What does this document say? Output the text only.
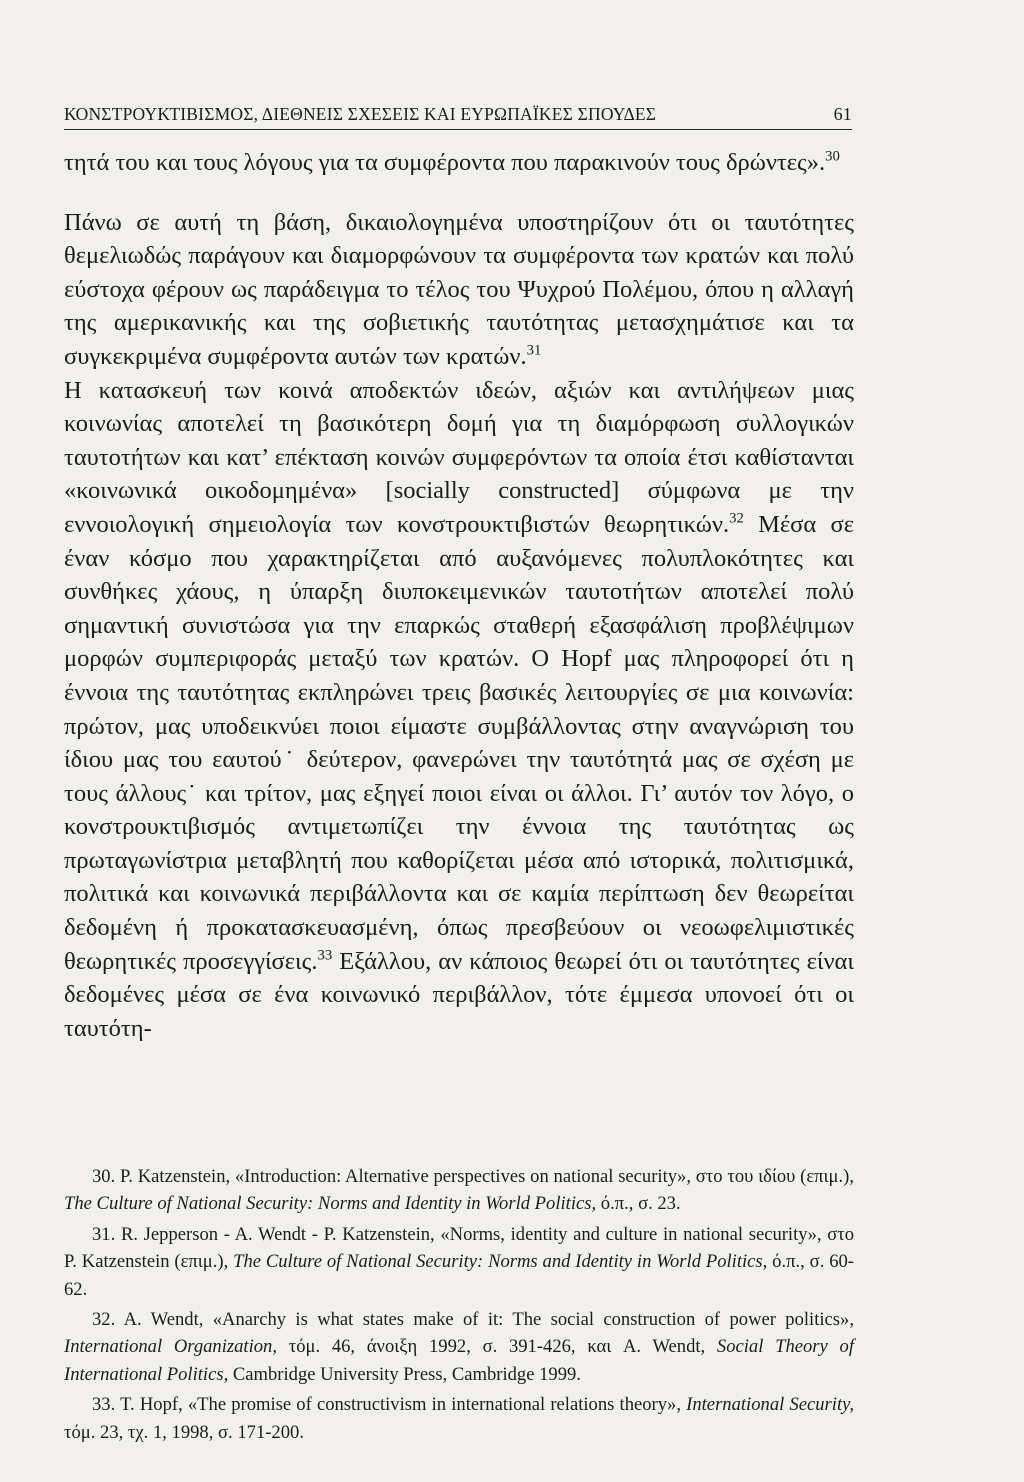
ΚΟΝΣΤΡΟΥΚΤΙΒΙΣΜΟΣ, ΔΙΕΘΝΕΙΣ ΣΧΕΣΕΙΣ ΚΑΙ ΕΥΡΩΠΑΪΚΕΣ ΣΠΟΥΔΕΣ	61

τητά του και τους λόγους για τα συμφέροντα που παρακινούν τους δρώντες».$^{30}$

Πάνω σε αυτή τη βάση, δικαιολογημένα υποστηρίζουν ότι οι ταυτότητες θεμελιωδώς παράγουν και διαμορφώνουν τα συμφέροντα των κρατών και πολύ εύστοχα φέρουν ως παράδειγμα το τέλος του Ψυχρού Πολέμου, όπου η αλλαγή της αμερικανικής και της σοβιετικής ταυτότητας μετασχημάτισε και τα συγκεκριμένα συμφέροντα αυτών των κρατών.$^{31}$

Η κατασκευή των κοινά αποδεκτών ιδεών, αξιών και αντιλήψεων μιας κοινωνίας αποτελεί τη βασικότερη δομή για τη διαμόρφωση συλλογικών ταυτοτήτων και κατ’ επέκταση κοινών συμφερόντων τα οποία έτσι καθίστανται «κοινωνικά οικοδομημένα» [socially constructed] σύμφωνα με την εννοιολογική σημειολογία των κονστρουκτιβιστών θεωρητικών.$^{32}$ Μέσα σε έναν κόσμο που χαρακτηρίζεται από αυξανόμενες πολυπλοκότητες και συνθήκες χάους, η ύπαρξη διυποκειμενικών ταυτοτήτων αποτελεί πολύ σημαντική συνιστώσα για την επαρκώς σταθερή εξασφάλιση προβλέψιμων μορφών συμπεριφοράς μεταξύ των κρατών. Ο Hopf μας πληροφορεί ότι η έννοια της ταυτότητας εκπληρώνει τρεις βασικές λειτουργίες σε μια κοινωνία: πρώτον, μας υποδεικνύει ποιοι είμαστε συμβάλλοντας στην αναγνώριση του ίδιου μας του εαυτού˙ δεύτερον, φανερώνει την ταυτότητά μας σε σχέση με τους άλλους˙ και τρίτον, μας εξηγεί ποιοι είναι οι άλλοι. Γι’ αυτόν τον λόγο, ο κονστρουκτιβισμός αντιμετωπίζει την έννοια της ταυτότητας ως πρωταγωνίστρια μεταβλητή που καθορίζεται μέσα από ιστορικά, πολιτισμικά, πολιτικά και κοινωνικά περιβάλλοντα και σε καμία περίπτωση δεν θεωρείται δεδομένη ή προκατασκευασμένη, όπως πρεσβεύουν οι νεοωφελιμιστικές θεωρητικές προσεγγίσεις.$^{33}$ Εξάλλου, αν κάποιος θεωρεί ότι οι ταυτότητες είναι δεδομένες μέσα σε ένα κοινωνικό περιβάλλον, τότε έμμεσα υπονοεί ότι οι ταυτότη-

30. P. Katzenstein, «Introduction: Alternative perspectives on national security», στο του ιδίου (επιμ.), The Culture of National Security: Norms and Identity in World Politics, ό.π., σ. 23.

31. R. Jepperson - A. Wendt - P. Katzenstein, «Norms, identity and culture in national security», στο P. Katzenstein (επιμ.), The Culture of National Security: Norms and Identity in World Politics, ό.π., σ. 60-62.

32. A. Wendt, «Anarchy is what states make of it: The social construction of power politics», International Organization, τόμ. 46, άνοιξη 1992, σ. 391-426, και A. Wendt, Social Theory of International Politics, Cambridge University Press, Cambridge 1999.

33. T. Hopf, «The promise of constructivism in international relations theory», International Security, τόμ. 23, τχ. 1, 1998, σ. 171-200.
